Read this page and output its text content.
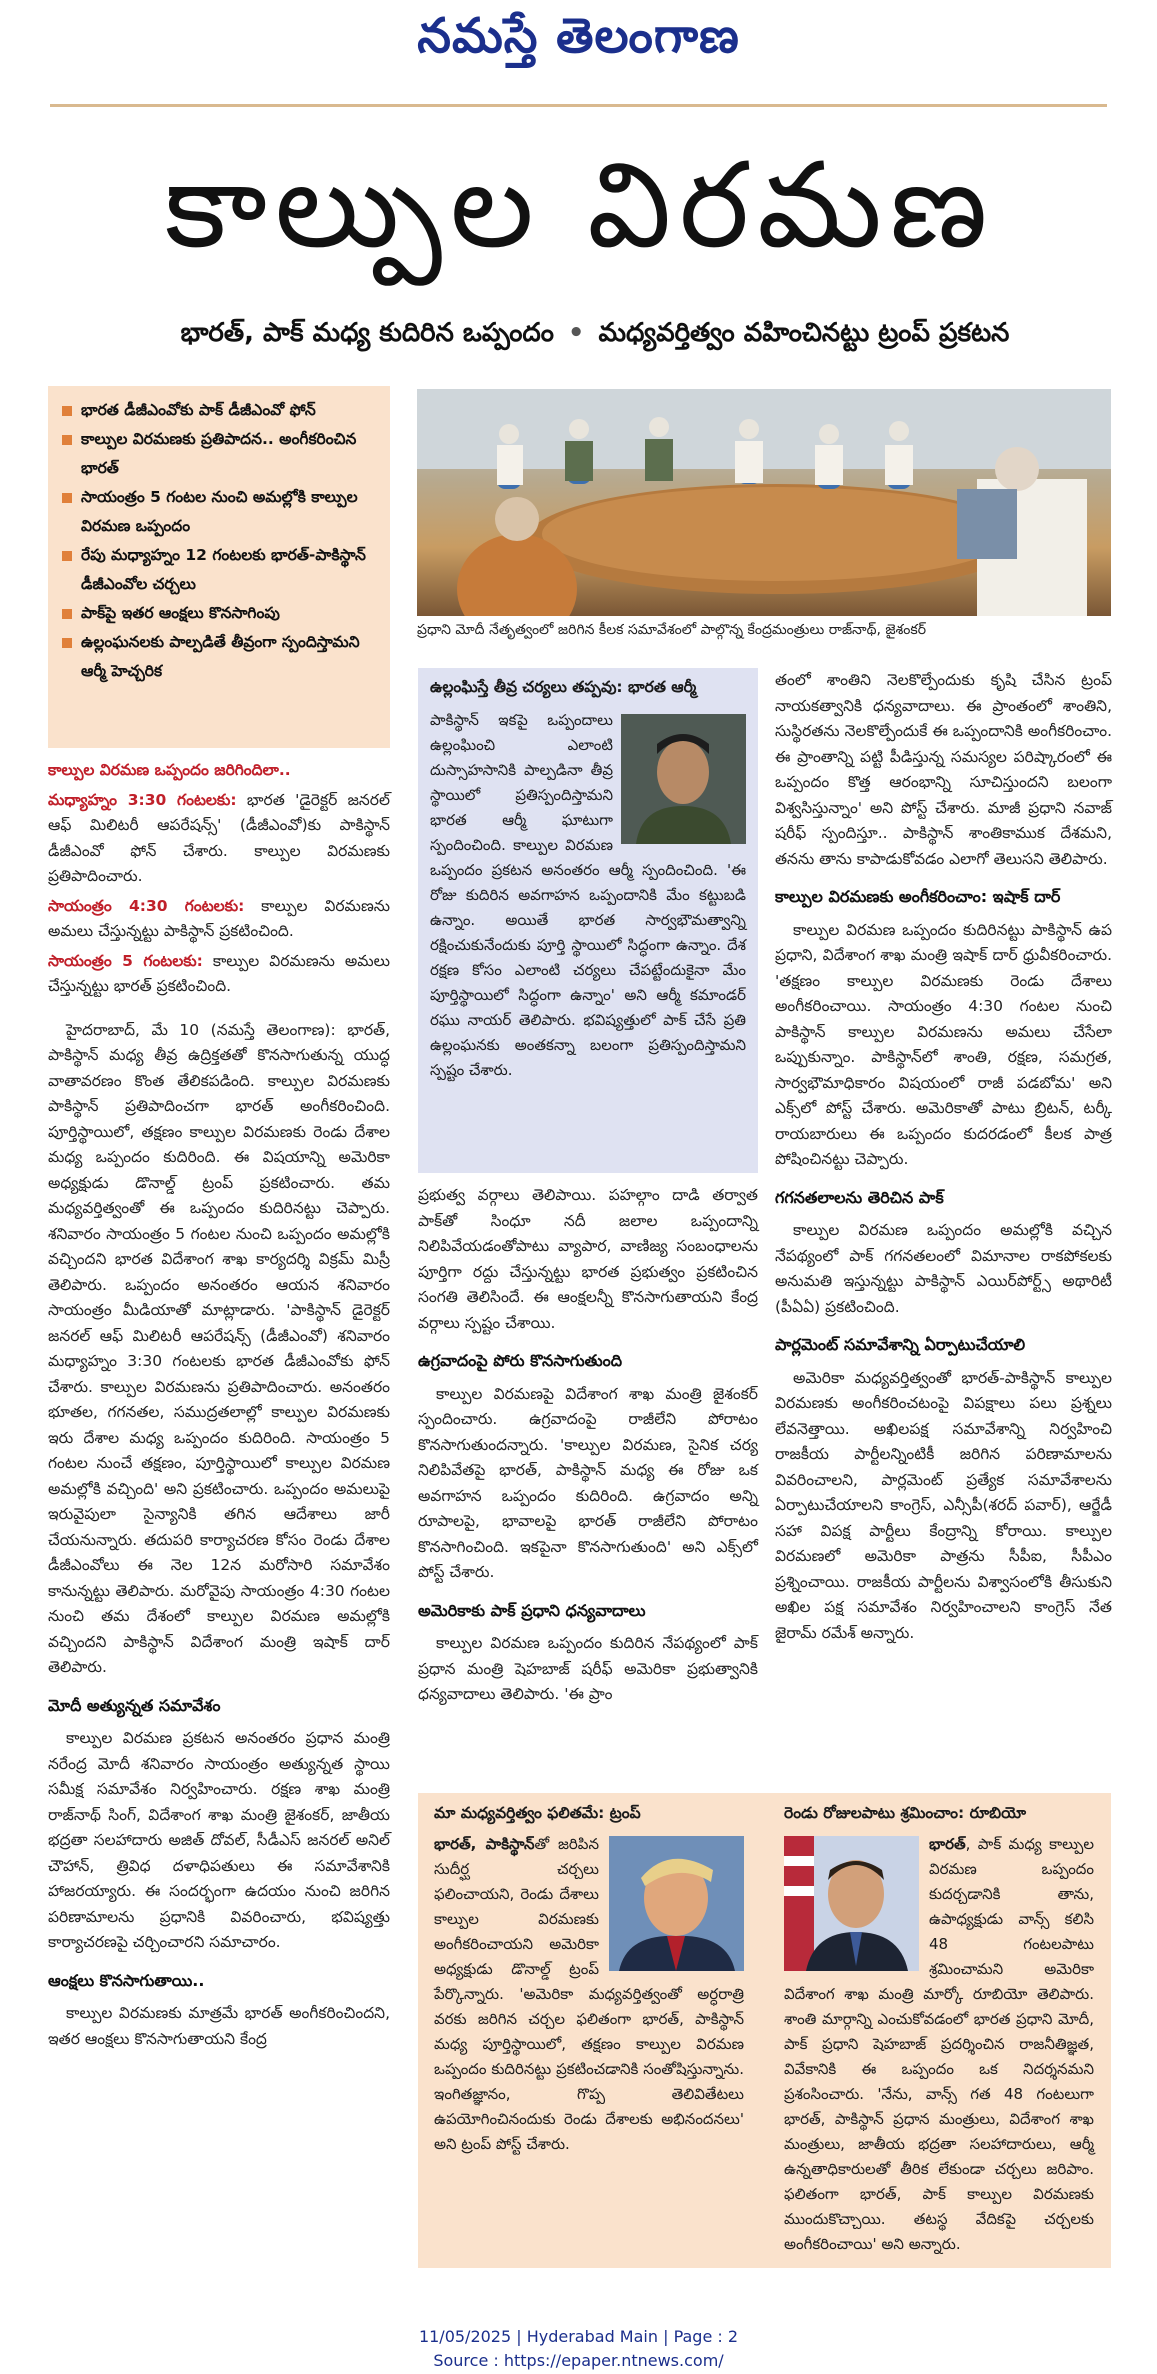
నమస్తే తెలంగాణ
కాల్పుల విరమణ
భారత్‌, పాక్‌ మధ్య కుదిరిన ఒప్పందం • మధ్యవర్తిత్వం వహించినట్టు ట్రంప్‌ ప్రకటన
భారత డీజీఎంవోకు పాక్‌ డీజీఎంవో ఫోన్‌
కాల్పుల విరమణకు ప్రతిపాదన.. అంగీకరించిన భారత్‌
సాయంత్రం 5 గంటల నుంచి అమల్లోకి కాల్పుల విరమణ ఒప్పందం
రేపు మధ్యాహ్నం 12 గంటలకు భారత్‌-పాకిస్థాన్‌ డీజీఎంవోల చర్చలు
పాక్‌పై ఇతర ఆంక్షలు కొనసాగింపు
ఉల్లంఘనలకు పాల్పడితే తీవ్రంగా స్పందిస్తామని ఆర్మీ హెచ్చరిక
ప్రధాని మోదీ నేతృత్వంలో జరిగిన కీలక సమావేశంలో పాల్గొన్న కేంద్రమంత్రులు రాజ్‌నాథ్‌, జైశంకర్‌
కాల్పుల విరమణ ఒప్పందం జరిగిందిలా..
మధ్యాహ్నం 3:30 గంటలకు: భారత 'డైరెక్టర్‌ జనరల్‌ ఆఫ్‌ మిలిటరీ ఆపరేషన్స్‌' (డీజీఎంవో)కు పాకిస్థాన్‌ డీజీఎంవో ఫోన్‌ చేశారు. కాల్పుల విరమణకు ప్రతిపాదించారు.
సాయంత్రం 4:30 గంటలకు: కాల్పుల విరమణను అమలు చేస్తున్నట్టు పాకిస్థాన్‌ ప్రకటించింది.
సాయంత్రం 5 గంటలకు: కాల్పుల విరమణను అమలు చేస్తున్నట్టు భారత్‌ ప్రకటించింది.

హైదరాబాద్‌, మే 10 (నమస్తే తెలంగాణ): భారత్‌, పాకిస్థాన్‌ మధ్య తీవ్ర ఉద్రిక్తతతో కొనసాగుతున్న యుద్ధ వాతావరణం కొంత తేలికపడింది. కాల్పుల విరమణకు పాకిస్థాన్‌ ప్రతిపాదించగా భారత్‌ అంగీకరించింది. పూర్తిస్థాయిలో, తక్షణం కాల్పుల విరమణకు రెండు దేశాల మధ్య ఒప్పందం కుదిరింది. ఈ విషయాన్ని అమెరికా అధ్యక్షుడు డొనాల్డ్‌ ట్రంప్‌ ప్రకటించారు. తమ మధ్యవర్తిత్వంతో ఈ ఒప్పందం కుదిరినట్టు చెప్పారు. శనివారం సాయంత్రం 5 గంటల నుంచి ఒప్పందం అమల్లోకి వచ్చిందని భారత విదేశాంగ శాఖ కార్యదర్శి విక్రమ్‌ మిస్రీ తెలిపారు. ఒప్పందం అనంతరం ఆయన శనివారం సాయంత్రం మీడియాతో మాట్లాడారు. 'పాకిస్థాన్‌ డైరెక్టర్‌ జనరల్‌ ఆఫ్‌ మిలిటరీ ఆపరేషన్స్‌ (డీజీఎంవో) శనివారం మధ్యాహ్నం 3:30 గంటలకు భారత డీజీఎంవోకు ఫోన్‌ చేశారు. కాల్పుల విరమణను ప్రతిపాదించారు. అనంతరం భూతల, గగనతల, సముద్రతలాల్లో కాల్పుల విరమణకు ఇరు దేశాల మధ్య ఒప్పందం కుదిరింది. సాయంత్రం 5 గంటల నుంచే తక్షణం, పూర్తిస్థాయిలో కాల్పుల విరమణ అమల్లోకి వచ్చింది' అని ప్రకటించారు. ఒప్పందం అమలుపై ఇరువైపులా సైన్యానికి తగిన ఆదేశాలు జారీ చేయనున్నారు. తదుపరి కార్యాచరణ కోసం రెండు దేశాల డీజీఎంవోలు ఈ నెల 12న మరోసారి సమావేశం కానున్నట్టు తెలిపారు. మరోవైపు సాయంత్రం 4:30 గంటల నుంచి తమ దేశంలో కాల్పుల విరమణ అమల్లోకి వచ్చిందని పాకిస్థాన్‌ విదేశాంగ మంత్రి ఇషాక్‌ దార్‌ తెలిపారు.

మోదీ అత్యున్నత సమావేశం

కాల్పుల విరమణ ప్రకటన అనంతరం ప్రధాన మంత్రి నరేంద్ర మోదీ శనివారం సాయంత్రం అత్యున్నత స్థాయి సమీక్ష సమావేశం నిర్వహించారు. రక్షణ శాఖ మంత్రి రాజ్‌నాథ్‌ సింగ్‌, విదేశాంగ శాఖ మంత్రి జైశంకర్‌, జాతీయ భద్రతా సలహాదారు అజిత్‌ దోవల్‌, సీడీఎస్‌ జనరల్‌ అనిల్‌ చౌహాన్‌, త్రివిధ దళాధిపతులు ఈ సమావేశానికి హాజరయ్యారు. ఈ సందర్భంగా ఉదయం నుంచి జరిగిన పరిణామాలను ప్రధానికి వివరించారు, భవిష్యత్తు కార్యాచరణపై చర్చించారని సమాచారం.

ఆంక్షలు కొనసాగుతాయి..

కాల్పుల విరమణకు మాత్రమే భారత్‌ అంగీకరించిందని, ఇతర ఆంక్షలు కొనసాగుతాయని కేంద్ర

ఉల్లంఘిస్తే తీవ్ర చర్యలు తప్పవు: భారత ఆర్మీ
పాకిస్థాన్‌ ఇకపై ఒప్పందాలు ఉల్లంఘించి ఎలాంటి దుస్సాహసానికి పాల్పడినా తీవ్ర స్థాయిలో ప్రతిస్పందిస్తామని భారత ఆర్మీ ఘాటుగా స్పందించింది. కాల్పుల విరమణ ఒప్పందం ప్రకటన అనంతరం ఆర్మీ స్పందించింది. 'ఈ రోజు కుదిరిన అవగాహన ఒప్పందానికి మేం కట్టుబడి ఉన్నాం. అయితే భారత సార్వభౌమత్వాన్ని రక్షించుకునేందుకు పూర్తి స్థాయిలో సిద్ధంగా ఉన్నాం. దేశ రక్షణ కోసం ఎలాంటి చర్యలు చేపట్టేందుకైనా మేం పూర్తిస్థాయిలో సిద్ధంగా ఉన్నాం' అని ఆర్మీ కమాండర్‌ రఘు నాయర్‌ తెలిపారు. భవిష్యత్తులో పాక్‌ చేసే ప్రతి ఉల్లంఘనకు అంతకన్నా బలంగా ప్రతిస్పందిస్తామని స్పష్టం చేశారు.

ప్రభుత్వ వర్గాలు తెలిపాయి. పహల్గాం దాడి తర్వాత పాక్‌తో సింధూ నదీ జలాల ఒప్పందాన్ని నిలిపివేయడంతోపాటు వ్యాపార, వాణిజ్య సంబంధాలను పూర్తిగా రద్దు చేస్తున్నట్టు భారత ప్రభుత్వం ప్రకటించిన సంగతి తెలిసిందే. ఈ ఆంక్షలన్నీ కొనసాగుతాయని కేంద్ర వర్గాలు స్పష్టం చేశాయి.

ఉగ్రవాదంపై పోరు కొనసాగుతుంది

కాల్పుల విరమణపై విదేశాంగ శాఖ మంత్రి జైశంకర్‌ స్పందించారు. ఉగ్రవాదంపై రాజీలేని పోరాటం కొనసాగుతుందన్నారు. 'కాల్పుల విరమణ, సైనిక చర్య నిలిపివేతపై భారత్‌, పాకిస్థాన్‌ మధ్య ఈ రోజు ఒక అవగాహన ఒప్పందం కుదిరింది. ఉగ్రవాదం అన్ని రూపాలపై, భావాలపై భారత్‌ రాజీలేని పోరాటం కొనసాగించింది. ఇకపైనా కొనసాగుతుంది' అని ఎక్స్‌లో పోస్ట్‌ చేశారు.

అమెరికాకు పాక్‌ ప్రధాని ధన్యవాదాలు

కాల్పుల విరమణ ఒప్పందం కుదిరిన నేపథ్యంలో పాక్‌ ప్రధాన మంత్రి షెహబాజ్‌ షరీఫ్‌ అమెరికా ప్రభుత్వానికి ధన్యవాదాలు తెలిపారు. 'ఈ ప్రాం

తంలో శాంతిని నెలకొల్పేందుకు కృషి చేసిన ట్రంప్‌ నాయకత్వానికి ధన్యవాదాలు. ఈ ప్రాంతంలో శాంతిని, సుస్థిరతను నెలకొల్పేందుకే ఈ ఒప్పందానికి అంగీకరించాం. ఈ ప్రాంతాన్ని పట్టి పీడిస్తున్న సమస్యల పరిష్కారంలో ఈ ఒప్పందం కొత్త ఆరంభాన్ని సూచిస్తుందని బలంగా విశ్వసిస్తున్నాం' అని పోస్ట్‌ చేశారు. మాజీ ప్రధాని నవాజ్‌ షరీఫ్‌ స్పందిస్తూ.. పాకిస్థాన్‌ శాంతికాముక దేశమని, తనను తాను కాపాడుకోవడం ఎలాగో తెలుసని తెలిపారు.

కాల్పుల విరమణకు అంగీకరించాం: ఇషాక్‌ దార్‌

కాల్పుల విరమణ ఒప్పందం కుదిరినట్టు పాకిస్థాన్‌ ఉప ప్రధాని, విదేశాంగ శాఖ మంత్రి ఇషాక్‌ దార్‌ ధ్రువీకరించారు. 'తక్షణం కాల్పుల విరమణకు రెండు దేశాలు అంగీకరించాయి. సాయంత్రం 4:30 గంటల నుంచి పాకిస్థాన్‌ కాల్పుల విరమణను అమలు చేసేలా ఒప్పుకున్నాం. పాకిస్థాన్‌లో శాంతి, రక్షణ, సమగ్రత, సార్వభౌమాధికారం విషయంలో రాజీ పడబోమ' అని ఎక్స్‌లో పోస్ట్‌ చేశారు. అమెరికాతో పాటు బ్రిటన్‌, టర్కీ రాయబారులు ఈ ఒప్పందం కుదరడంలో కీలక పాత్ర పోషించినట్టు చెప్పారు.

గగనతలాలను తెరిచిన పాక్‌

కాల్పుల విరమణ ఒప్పందం అమల్లోకి వచ్చిన నేపథ్యంలో పాక్‌ గగనతలంలో విమానాల రాకపోకలకు అనుమతి ఇస్తున్నట్టు పాకిస్థాన్‌ ఎయిర్‌పోర్ట్స్‌ అథారిటీ (పీఏఏ) ప్రకటించింది.

పార్లమెంట్‌ సమావేశాన్ని ఏర్పాటుచేయాలి

అమెరికా మధ్యవర్తిత్వంతో భారత్‌-పాకిస్థాన్‌ కాల్పుల విరమణకు అంగీకరించటంపై విపక్షాలు పలు ప్రశ్నలు లేవనెత్తాయి. అఖిలపక్ష సమావేశాన్ని నిర్వహించి రాజకీయ పార్టీలన్నింటికీ జరిగిన పరిణామాలను వివరించాలని, పార్లమెంట్‌ ప్రత్యేక సమావేశాలను ఏర్పాటుచేయాలని కాంగ్రెస్‌, ఎన్సీపీ(శరద్‌ పవార్‌), ఆర్జేడీ సహా విపక్ష పార్టీలు కేంద్రాన్ని కోరాయి. కాల్పుల విరమణలో అమెరికా పాత్రను సీపీఐ, సీపీఎం ప్రశ్నించాయి. రాజకీయ పార్టీలను విశ్వాసంలోకి తీసుకుని అఖిల పక్ష సమావేశం నిర్వహించాలని కాంగ్రెస్‌ నేత జైరామ్‌ రమేశ్‌ అన్నారు.

మా మధ్యవర్తిత్వం ఫలితమే: ట్రంప్‌
భారత్‌, పాకిస్థాన్‌తో జరిపిన సుదీర్ఘ చర్చలు ఫలించాయని, రెండు దేశాలు కాల్పుల విరమణకు అంగీకరించాయని అమెరికా అధ్యక్షుడు డొనాల్డ్‌ ట్రంప్‌ పేర్కొన్నారు. 'అమెరికా మధ్యవర్తిత్వంతో అర్ధరాత్రి వరకు జరిగిన చర్చల ఫలితంగా భారత్‌, పాకిస్థాన్‌ మధ్య పూర్తిస్థాయిలో, తక్షణం కాల్పుల విరమణ ఒప్పందం కుదిరినట్టు ప్రకటించడానికి సంతోషిస్తున్నాను. ఇంగితజ్ఞానం, గొప్ప తెలివితేటలు ఉపయోగించినందుకు రెండు దేశాలకు అభినందనలు' అని ట్రంప్‌ పోస్ట్‌ చేశారు.
రెండు రోజులపాటు శ్రమించాం: రూబియో
భారత్‌, పాక్‌ మధ్య కాల్పుల విరమణ ఒప్పందం కుదర్చడానికి తాను, ఉపాధ్యక్షుడు వాన్స్‌ కలిసి 48 గంటలపాటు శ్రమించామని అమెరికా విదేశాంగ శాఖ మంత్రి మార్కో రూబియో తెలిపారు. శాంతి మార్గాన్ని ఎంచుకోవడంలో భారత ప్రధాని మోదీ, పాక్‌ ప్రధాని షెహబాజ్‌ ప్రదర్శించిన రాజనీతిజ్ఞత, వివేకానికి ఈ ఒప్పందం ఒక నిదర్శనమని ప్రశంసించారు. 'నేను, వాన్స్‌ గత 48 గంటలుగా భారత్‌, పాకిస్థాన్‌ ప్రధాన మంత్రులు, విదేశాంగ శాఖ మంత్రులు, జాతీయ భద్రతా సలహాదారులు, ఆర్మీ ఉన్నతాధికారులతో తీరిక లేకుండా చర్చలు జరిపాం. ఫలితంగా భారత్‌, పాక్‌ కాల్పుల విరమణకు ముందుకొచ్చాయి. తటస్థ వేదికపై చర్చలకు అంగీకరించాయి' అని అన్నారు.
11/05/2025 | Hyderabad Main | Page : 2
Source : https://epaper.ntnews.com/
